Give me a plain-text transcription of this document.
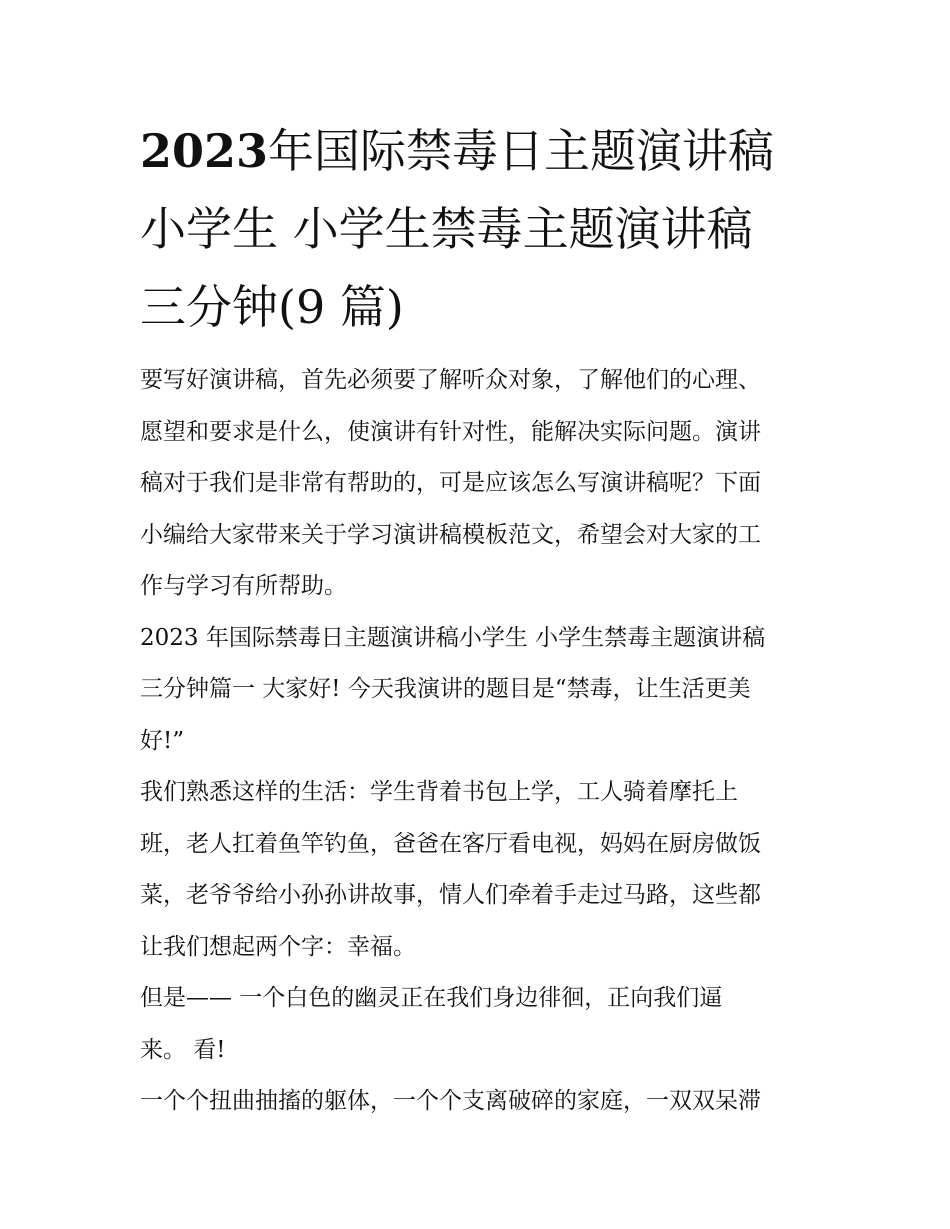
2023年国际禁毒日主题演讲稿
小学生 小学生禁毒主题演讲稿
三分钟(9 篇)
要写好演讲稿，首先必须要了解听众对象，了解他们的心理、
愿望和要求是什么，使演讲有针对性，能解决实际问题。演讲
稿对于我们是非常有帮助的，可是应该怎么写演讲稿呢？下面
小编给大家带来关于学习演讲稿模板范文，希望会对大家的工
作与学习有所帮助。
2023 年国际禁毒日主题演讲稿小学生 小学生禁毒主题演讲稿
三分钟篇一 大家好! 今天我演讲的题目是“禁毒，让生活更美
好!”
我们熟悉这样的生活：学生背着书包上学，工人骑着摩托上
班，老人扛着鱼竿钓鱼，爸爸在客厅看电视，妈妈在厨房做饭
菜，老爷爷给小孙孙讲故事，情人们牵着手走过马路，这些都
让我们想起两个字：幸福。
但是—— 一个白色的幽灵正在我们身边徘徊，正向我们逼
来。 看!
一个个扭曲抽搐的躯体，一个个支离破碎的家庭，一双双呆滞
